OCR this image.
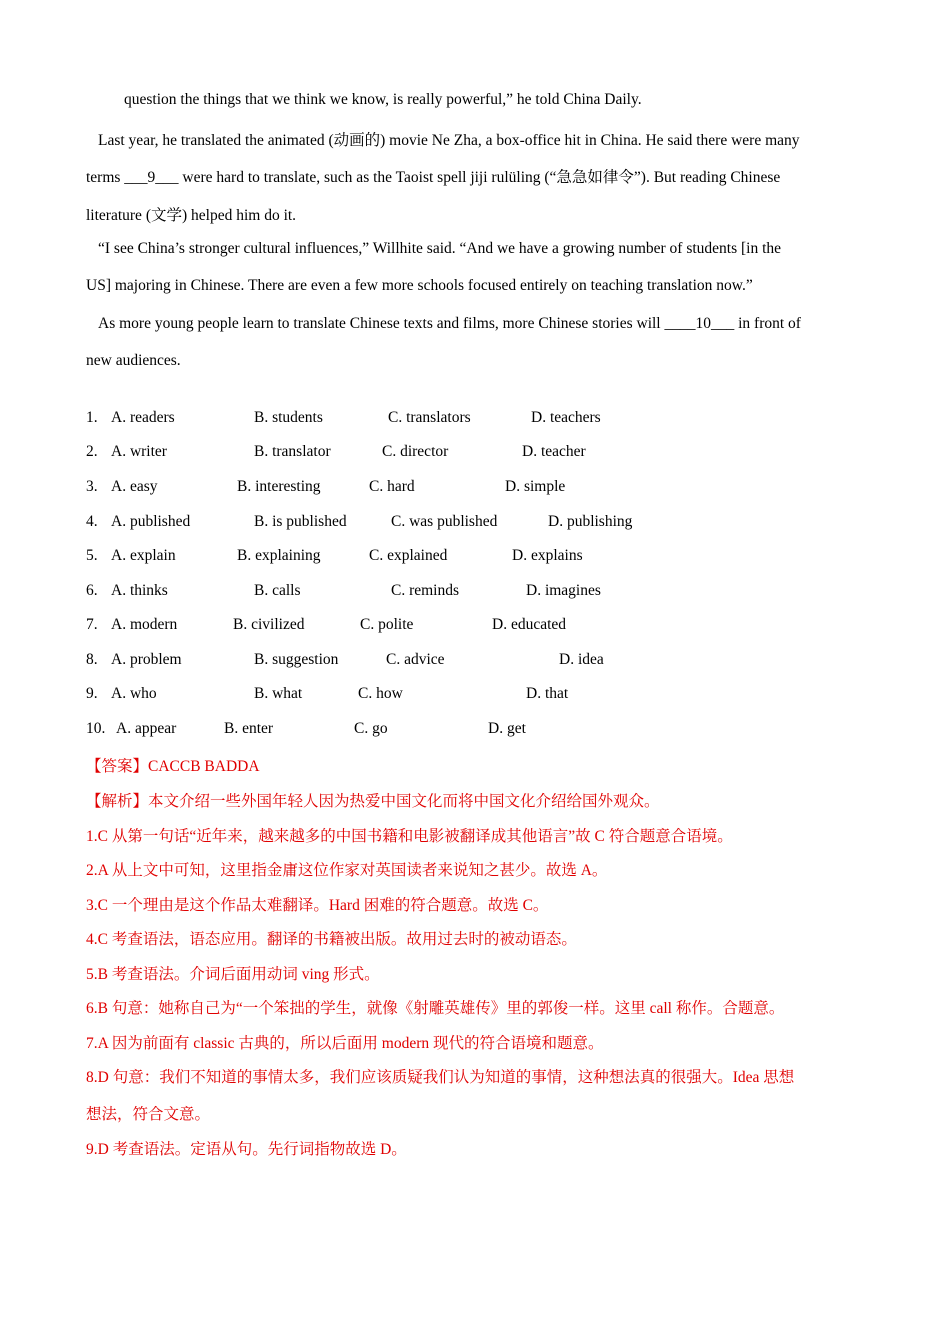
question the things that we think we know, is really powerful,” he told China Daily.
Last year, he translated the animated (动画的) movie Ne Zha, a box-office hit in China. He said there were many
terms ___9___ were hard to translate, such as the Taoist spell jiji rulüling (“急急如律令”). But reading Chinese
literature (文学) helped him do it.
“I see China’s stronger cultural influences,” Willhite said. “And we have a growing number of students [in the
US] majoring in Chinese. There are even a few more schools focused entirely on teaching translation now.”
As more young people learn to translate Chinese texts and films, more Chinese stories will ____10___ in front of
new audiences.
1. A. readers	B. students	C. translators	D. teachers
2. A. writer	B. translator	C. director	D. teacher
3. A. easy	B. interesting	C. hard	D. simple
4. A. published	B. is published	C. was published	D. publishing
5. A. explain	B. explaining	C. explained	D. explains
6. A. thinks	B. calls	C. reminds	D. imagines
7. A. modern	B. civilized	C. polite	D. educated
8. A. problem	B. suggestion	C. advice	D. idea
9. A. who	B. what	C. how	D. that
10. A. appear	B. enter	C. go	D. get
【答案】CACCB BADDA
【解析】本文介绍一些外国年轻人因为热爱中国文化而将中国文化介绍给国外观众。
1.C 从第一句话“近年来，越来越多的中国书籍和电影被翻译成其他语言”故 C 符合题意合语境。
2.A 从上文中可知，这里指金庸这位作家对英国读者来说知之甚少。故选 A。
3.C 一个理由是这个作品太难翻译。Hard 困难的符合题意。故选 C。
4.C 考查语法，语态应用。翻译的书籍被出版。故用过去时的被动语态。
5.B 考查语法。介词后面用动词 ving 形式。
6.B 句意：她称自己为“一个笨拙的学生，就像《射雕英雄传》里的郭俊一样。这里 call 称作。合题意。
7.A 因为前面有 classic 古典的，所以后面用 modern 现代的符合语境和题意。
8.D 句意：我们不知道的事情太多，我们应该质疑我们认为知道的事情，这种想法真的很强大。Idea 思想
想法，符合文意。
9.D 考查语法。定语从句。先行词指物故选 D。
